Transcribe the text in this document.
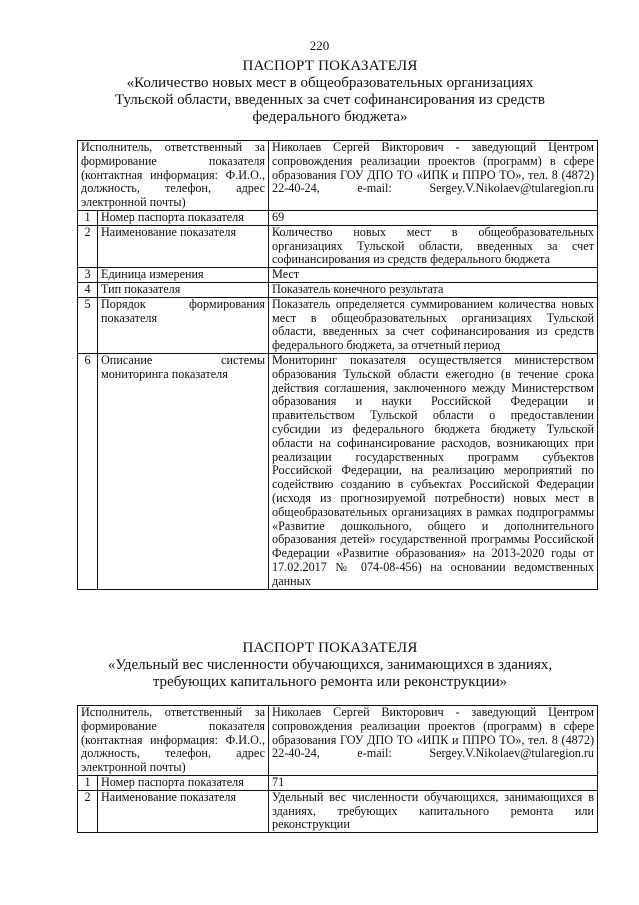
220
ПАСПОРТ ПОКАЗАТЕЛЯ
«Количество новых мест в общеобразовательных организациях
Тульской области, введенных за счет софинансирования из средств
федерального бюджета»
Исполнитель, ответственный за формирование показателя (контактная информация: Ф.И.О., должность, телефон, адрес электронной почты)		Николаев Сергей Викторович - заведующий Центром сопровождения реализации проектов (программ) в сфере образования ГОУ ДПО ТО «ИПК и ППРО ТО», тел. 8 (4872) 22-40-24, e-mail: Sergey.V.Nikolaev@tularegion.ru
1	Номер паспорта показателя	69
2	Наименование показателя	Количество новых мест в общеобразовательных организациях Тульской области, введенных за счет софинансирования из средств федерального бюджета
3	Единица измерения	Мест
4	Тип показателя	Показатель конечного результата
5	Порядок формирования показателя	Показатель определяется суммированием количества новых мест в общеобразовательных организациях Тульской области, введенных за счет софинансирования из средств федерального бюджета, за отчетный период
6	Описание системы мониторинга показателя	Мониторинг показателя осуществляется министерством образования Тульской области ежегодно (в течение срока действия соглашения, заключенного между Министерством образования и науки Российской Федерации и правительством Тульской области о предоставлении субсидии из федерального бюджета бюджету Тульской области на софинансирование расходов, возникающих при реализации государственных программ субъектов Российской Федерации, на реализацию мероприятий по содействию созданию в субъектах Российской Федерации (исходя из прогнозируемой потребности) новых мест в общеобразовательных организациях в рамках подпрограммы «Развитие дошкольного, общего и дополнительного образования детей» государственной программы Российской Федерации «Развитие образования» на 2013-2020 годы от 17.02.2017 № 074-08-456) на основании ведомственных данных
ПАСПОРТ ПОКАЗАТЕЛЯ
«Удельный вес численности обучающихся, занимающихся в зданиях,
требующих капитального ремонта или реконструкции»
Исполнитель, ответственный за формирование показателя (контактная информация: Ф.И.О., должность, телефон, адрес электронной почты)		Николаев Сергей Викторович - заведующий Центром сопровождения реализации проектов (программ) в сфере образования ГОУ ДПО ТО «ИПК и ППРО ТО», тел. 8 (4872) 22-40-24, e-mail: Sergey.V.Nikolaev@tularegion.ru
1	Номер паспорта показателя	71
2	Наименование показателя	Удельный вес численности обучающихся, занимающихся в зданиях, требующих капитального ремонта или реконструкции
